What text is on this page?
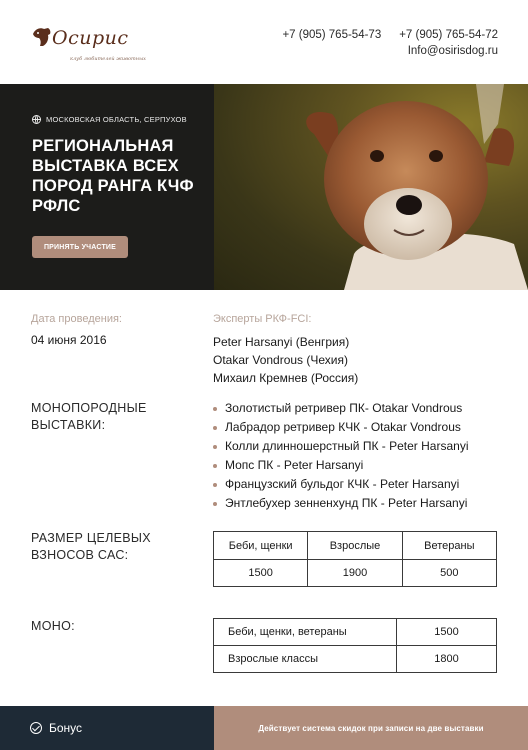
Осирис
клуб любителей животных
+7 (905) 765-54-73 +7 (905) 765-54-72
Info@osirisdog.ru
МОСКОВСКАЯ ОБЛАСТЬ, СЕРПУХОВ
РЕГИОНАЛЬНАЯ ВЫСТАВКА ВСЕХ ПОРОД РАНГА КЧФ РФЛС
ПРИНЯТЬ УЧАСТИЕ
Дата проведения:
04 июня 2016
Эксперты РКФ-FCI:
Peter Harsanyi (Венгрия)
Otakar Vondrous (Чехия)
Михаил Кремнев (Россия)
МОНОПОРОДНЫЕ ВЫСТАВКИ:
Золотистый ретривер ПК- Otakar Vondrous
Лабрадор ретривер КЧК - Otakar Vondrous
Колли длинношерстный ПК - Peter Harsanyi
Мопс ПК - Peter Harsanyi
Французский бульдог КЧК - Peter Harsanyi
Энтлебухер зенненхунд ПК - Peter Harsanyi
РАЗМЕР ЦЕЛЕВЫХ ВЗНОСОВ САС:
Беби, щенки	Взрослые	Ветераны
1500	1900	500
МОНО:	Беби, щенки, ветераны	1500
Взрослые классы	1800
Бонус	Действует система скидок при записи на две выставки
